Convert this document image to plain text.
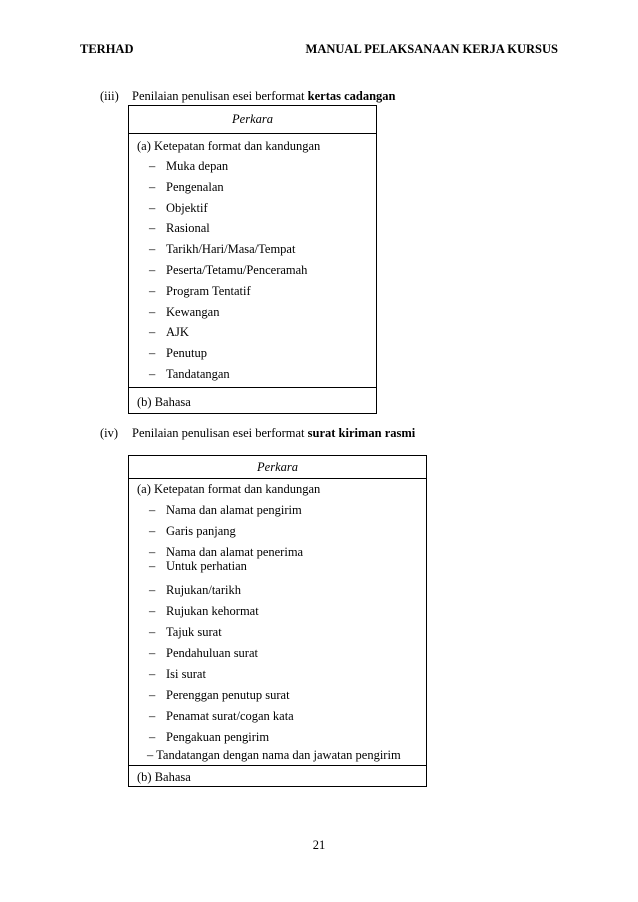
TERHAD	MANUAL PELAKSANAAN KERJA KURSUS
(iii) Penilaian penulisan esei berformat kertas cadangan
Perkara
(a) Ketepatan format dan kandungan
– Muka depan
– Pengenalan
– Objektif
– Rasional
– Tarikh/Hari/Masa/Tempat
– Peserta/Tetamu/Penceramah
– Program Tentatif
– Kewangan
– AJK
– Penutup
– Tandatangan
(b) Bahasa
(iv) Penilaian penulisan esei berformat surat kiriman rasmi
Perkara
(a) Ketepatan format dan kandungan
– Nama dan alamat pengirim
– Garis panjang
– Nama dan alamat penerima
– Untuk perhatian
– Rujukan/tarikh
– Rujukan kehormat
– Tajuk surat
– Pendahuluan surat
– Isi surat
– Perenggan penutup surat
– Penamat surat/cogan kata
– Pengakuan pengirim
– Tandatangan dengan nama dan jawatan pengirim
(b) Bahasa
21
